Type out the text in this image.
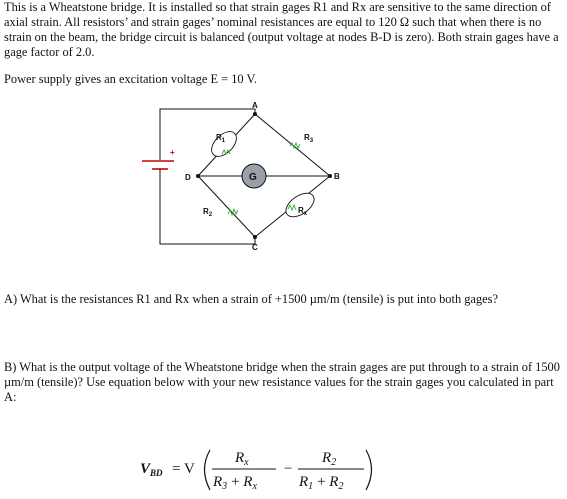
This is a Wheatstone bridge. It is installed so that strain gages R1 and Rx are sensitive to the same direction of axial strain. All resistors’ and strain gages’ nominal resistances are equal to 120 Ω such that when there is no strain on the beam, the bridge circuit is balanced (output voltage at nodes B-D is zero). Both strain gages have a gage factor of 2.0.
Power supply gives an excitation voltage E = 10 V.
+
A
B
C
D	G
$R_1$	$R_3$
$R_2$	$R_x$
A) What is the resistances R1 and Rx when a strain of +1500 µm/m (tensile) is put into both gages?
B) What is the output voltage of the Wheatstone bridge when the strain gages are put through to a strain of 1500 µm/m (tensile)? Use equation below with your new resistance values for the strain gages you calculated in part A:
$V_{BD} = V$
$R_x$
$R_3 + R_x$
−
$R_2$
$R_1 + R_2$
